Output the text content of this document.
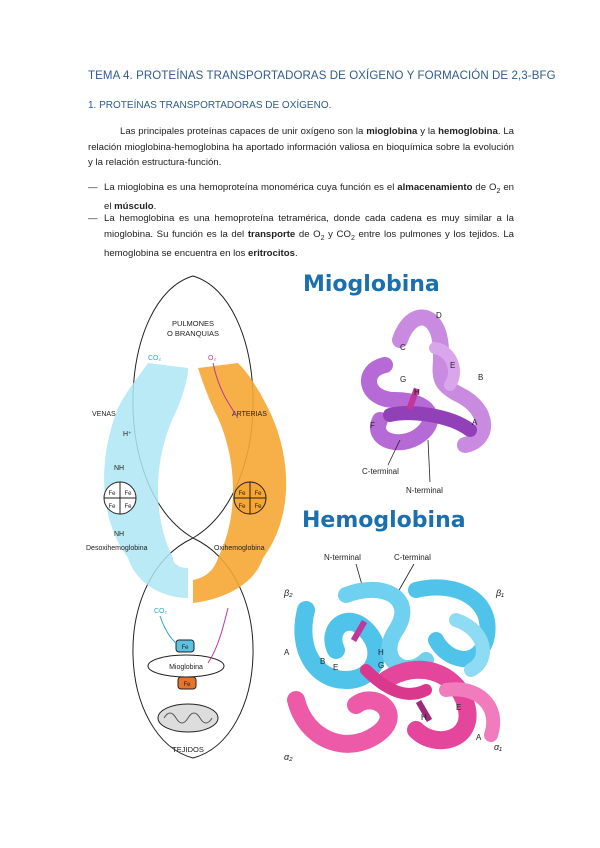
TEMA 4. PROTEÍNAS TRANSPORTADORAS DE OXÍGENO Y FORMACIÓN DE 2,3-BFG
1. PROTEÍNAS TRANSPORTADORAS DE OXÍGENO.
Las principales proteínas capaces de unir oxígeno son la mioglobina y la hemoglobina. La relación mioglobina-hemoglobina ha aportado información valiosa en bioquímica sobre la evolución y la relación estructura-función.
— La mioglobina es una hemoproteína monomérica cuya función es el almacenamiento de $O_2$ en el músculo.
— La hemoglobina es una hemoproteína tetramérica, donde cada cadena es muy similar a la mioglobina. Su función es la del transporte de $O_2$ y $CO_2$ entre los pulmones y los tejidos. La hemoglobina se encuentra en los eritrocitos.
PULMONES
O BRANQUIAS
CO₂	O₂
VENAS	ARTERIAS
H⁺
NH
Fe Fe
Fe Fe
Fe Fe
Fe Fe
NH
Desoxihemoglobina	Oxihemoglobina
CO₂
Fe
Mioglobina
Fe
TEJIDOS
Mioglobina
D
C
E
B
G
H
F	A
C-terminal
N-terminal
Hemoglobina
N-terminal	C-terminal
β₂	β₁
α₂
α₁
A
B
E
H
G
H
E
A
